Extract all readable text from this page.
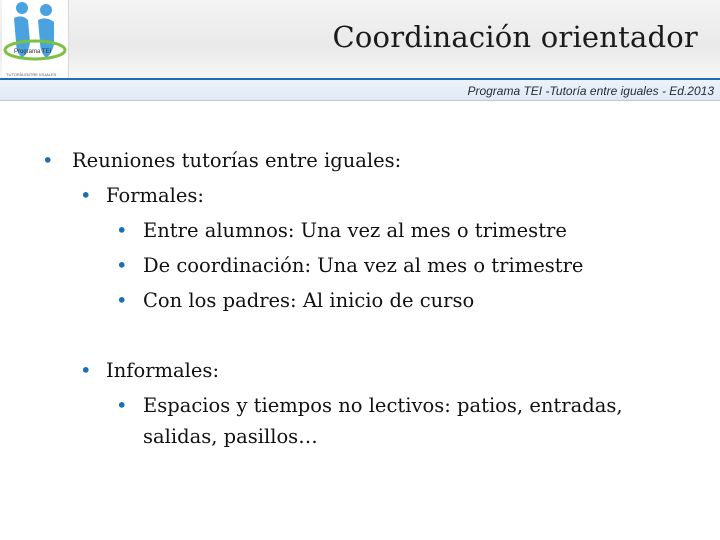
Programa TEI
TUTORÍA ENTRE IGUALES
Coordinación orientador
Programa TEI -Tutoría entre iguales - Ed.2013
• Reuniones tutorías entre iguales:
• Formales:
• Entre alumnos: Una vez al mes o trimestre
• De coordinación: Una vez al mes o trimestre
• Con los padres: Al inicio de curso
• Informales:
• Espacios y tiempos no lectivos: patios, entradas,
salidas, pasillos…
